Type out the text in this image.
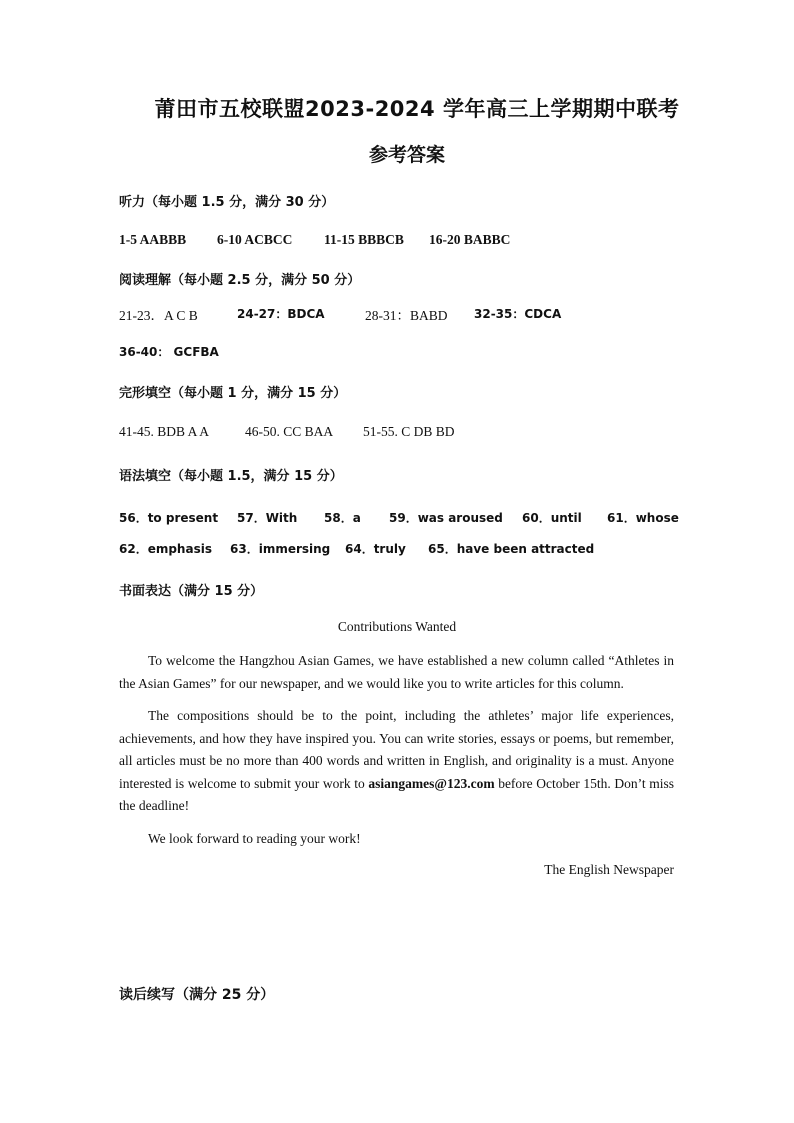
莆田市五校联盟2023-2024 学年高三上学期期中联考
参考答案
听力（每小题 1.5 分，满分 30 分）
1-5 AABBB 6-10 ACBCC 11-15 BBBCB 16-20 BABBC
阅读理解（每小题 2.5 分，满分 50 分）
21-23．A C B	24-27：BDCA	28-31：BABD 32-35：CDCA
36-40： GCFBA
完形填空（每小题 1 分，满分 15 分）
41-45. BDB A A	46-50. CC BAA 51-55. C DB BD
语法填空（每小题 1.5，满分 15 分）
56．to present 57．With 58．a 59．was aroused 60．until 61．whose
62．emphasis 63．immersing 64．truly 65．have been attracted
书面表达（满分 15 分）
Contributions Wanted
To welcome the Hangzhou Asian Games, we have established a new column called “Athletes in the Asian Games” for our newspaper, and we would like you to write articles for this column.
The compositions should be to the point, including the athletes’ major life experiences, achievements, and how they have inspired you. You can write stories, essays or poems, but remember, all articles must be no more than 400 words and written in English, and originality is a must. Anyone interested is welcome to submit your work to asiangames@123.com before October 15th. Don’t miss the deadline!
We look forward to reading your work!
The English Newspaper
读后续写（满分 25 分）
